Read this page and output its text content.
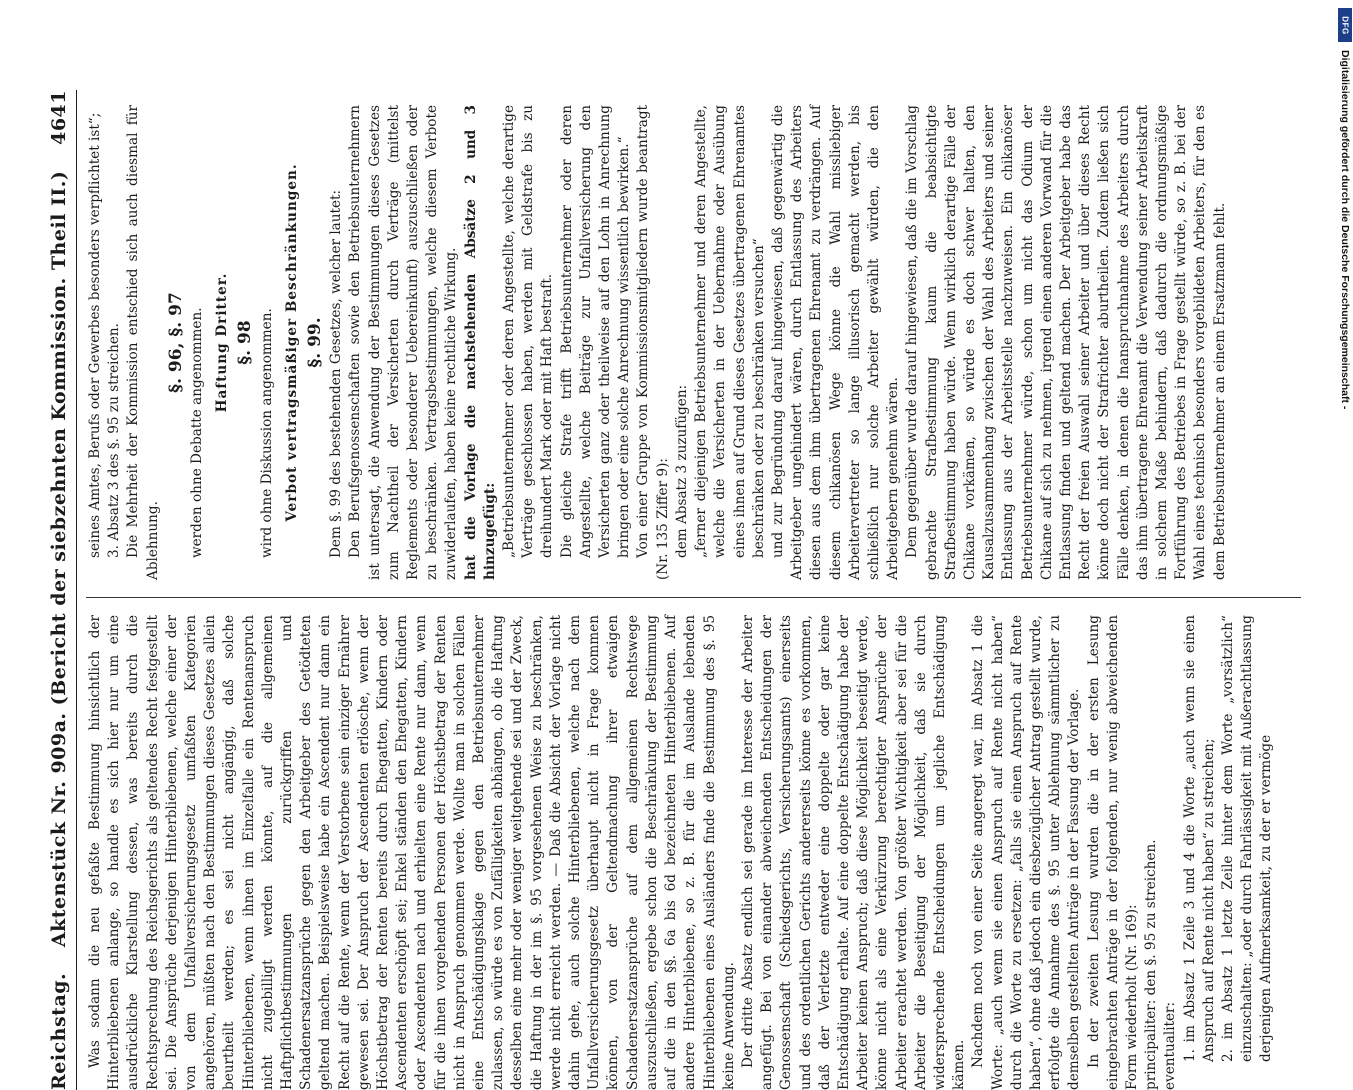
Reichstag.
Aktenstück Nr. 909a. (Bericht der siebzehnten Kommission. Theil II.)
4641

Was sodann die neu gefaßte Bestimmung hinsichtlich der Hinterbliebenen anlange, so handle es sich hier nur um eine ausdrückliche Klarstellung dessen, was bereits durch die Rechtsprechung des Reichsgerichts als geltendes Recht festgestellt sei. Die Ansprüche derjenigen Hinterbliebenen, welche einer der von dem Unfallversicherungsgesetz umfaßten Kategorien angehören, müßten nach den Bestimmungen dieses Gesetzes allein beurtheilt werden; es sei nicht angängig, daß solche Hinterbliebenen, wenn ihnen im Einzelfalle ein Rentenanspruch nicht zugebilligt werden könnte, auf die allgemeinen Haftpflichtbestimmungen zurückgriffen und Schadenersatzansprüche gegen den Arbeitgeber des Getödteten geltend machen. Beispielsweise habe ein Ascendent nur dann ein Recht auf die Rente, wenn der Verstorbene sein einziger Ernährer gewesen sei. Der Anspruch der Ascendenten erlösche, wenn der Höchstbetrag der Renten bereits durch Ehegatten, Kindern oder Ascendenten erschöpft sei; Enkel ständen den Ehegatten, Kindern oder Ascendenten nach und erhielten eine Rente nur dann, wenn für die ihnen vorgehenden Personen der Höchstbetrag der Renten nicht in Anspruch genommen werde. Wollte man in solchen Fällen eine Entschädigungsklage gegen den Betriebsunternehmer zulassen, so würde es von Zufälligkeiten abhängen, ob die Haftung desselben eine mehr oder weniger weitgehende sei und der Zweck, die Haftung in der im §. 95 vorgesehenen Weise zu beschränken, werde nicht erreicht werden. — Daß die Absicht der Vorlage nicht dahin gehe, auch solche Hinterbliebenen, welche nach dem Unfallversicherungsgesetz überhaupt nicht in Frage kommen können, von der Geltendmachung ihrer etwaigen Schadenersatzansprüche auf dem allgemeinen Rechtswege auszuschließen, ergebe schon die Beschränkung der Bestimmung auf die in den §§. 6a bis 6d bezeichneten Hinterbliebenen. Auf andere Hinterbliebene, so z. B. für die im Auslande lebenden Hinterbliebenen eines Ausländers finde die Bestimmung des §. 95 keine Anwendung. Der dritte Absatz endlich sei gerade im Interesse der Arbeiter angefügt. Bei von einander abweichenden Entscheidungen der Genossenschaft (Schiedsgerichts, Versicherungsamts) einerseits und des ordentlichen Gerichts andererseits könne es vorkommen, daß der Verletzte entweder eine doppelte oder gar keine Entschädigung erhalte. Auf eine doppelte Entschädigung habe der Arbeiter keinen Anspruch; daß diese Möglichkeit beseitigt werde, könne nicht als eine Verkürzung berechtigter Ansprüche der Arbeiter erachtet werden. Von größter Wichtigkeit aber sei für die Arbeiter die Beseitigung der Möglichkeit, daß sie durch widersprechende Entscheidungen um jegliche Entschädigung kämen. Nachdem noch von einer Seite angeregt war, im Absatz 1 die Worte: „auch wenn sie einen Anspruch auf Rente nicht haben“ durch die Worte zu ersetzen: „falls sie einen Anspruch auf Rente haben“, ohne daß jedoch ein diesbezüglicher Antrag gestellt wurde, erfolgte die Annahme des §. 95 unter Ablehnung sämmtlicher zu demselben gestellten Anträge in der Fassung der Vorlage. In der zweiten Lesung wurden die in der ersten Lesung eingebrachten Anträge in der folgenden, nur wenig abweichenden Form wiederholt (Nr. 169): principaliter: den §. 95 zu streichen. eventualiter: 1. im Absatz 1 Zeile 3 und 4 die Worte „auch wenn sie einen Anspruch auf Rente nicht haben“ zu streichen; 2. im Absatz 1 letzte Zeile hinter dem Worte „vorsätzlich“ einzuschalten: „oder durch Fahrlässigkeit mit Außerachtlassung derjenigen Aufmerksamkeit, zu der er vermöge

seines Amtes, Berufs oder Gewerbes besonders verpflichtet ist“; 3. Absatz 3 des §. 95 zu streichen. Die Mehrheit der Kommission entschied sich auch diesmal für Ablehnung.

§. 96, §. 97 werden ohne Debatte angenommen. Haftung Dritter. §. 98 wird ohne Diskussion angenommen. Verbot vertragsmäßiger Beschränkungen. §. 99. Dem §. 99 des bestehenden Gesetzes, welcher lautet: Den Berufsgenossenschaften sowie den Betriebsunternehmern ist untersagt, die Anwendung der Bestimmungen dieses Gesetzes zum Nachtheil der Versicherten durch Verträge (mittelst Reglements oder besonderer Uebereinkunft) auszuschließen oder zu beschränken. Vertragsbestimmungen, welche diesem Verbote zuwiderlaufen, haben keine rechtliche Wirkung. hat die Vorlage die nachstehenden Absätze 2 und 3 hinzugefügt: „Betriebsunternehmer oder deren Angestellte, welche derartige Verträge geschlossen haben, werden mit Geldstrafe bis zu dreihundert Mark oder mit Haft bestraft. Die gleiche Strafe trifft Betriebsunternehmer oder deren Angestellte, welche Beiträge zur Unfallversicherung den Versicherten ganz oder theilweise auf den Lohn in Anrechnung bringen oder eine solche Anrechnung wissentlich bewirken.“ Von einer Gruppe von Kommissionsmitgliedern wurde beantragt (Nr. 135 Ziffer 9): dem Absatz 3 zuzufügen: „ferner diejenigen Betriebsunternehmer und deren Angestellte, welche die Versicherten in der Uebernahme oder Ausübung eines ihnen auf Grund dieses Gesetzes übertragenen Ehrenamtes beschränken oder zu beschränken versuchen“ und zur Begründung darauf hingewiesen, daß gegenwärtig die Arbeitgeber ungehindert wären, durch Entlassung des Arbeiters diesen aus dem ihm übertragenen Ehrenamt zu verdrängen. Auf diesem chikanösen Wege könne die Wahl missliebiger Arbeitervertreter so lange illusorisch gemacht werden, bis schließlich nur solche Arbeiter gewählt würden, die den Arbeitgebern genehm wären. Dem gegenüber wurde darauf hingewiesen, daß die im Vorschlag gebrachte Strafbestimmung kaum die beabsichtigte Strafbestimmung haben würde. Wenn wirklich derartige Fälle der Chikane vorkämen, so würde es doch schwer halten, den Kausalzusammenhang zwischen der Wahl des Arbeiters und seiner Entlassung aus der Arbeitsstelle nachzuweisen. Ein chikanöser Betriebsunternehmer würde, schon um nicht das Odium der Chikane auf sich zu nehmen, irgend einen anderen Vorwand für die Entlassung finden und geltend machen. Der Arbeitgeber habe das Recht der freien Auswahl seiner Arbeiter und über dieses Recht könne doch nicht der Strafrichter aburtheilen. Zudem ließen sich Fälle denken, in denen die Inanspruchnahme des Arbeiters durch das ihm übertragene Ehrenamt die Verwendung seiner Arbeitskraft in solchem Maße behindern, daß dadurch die ordnungsmäßige Fortführung des Betriebes in Frage gestellt würde, so z. B. bei der Wahl eines technisch besonders vorgebildeten Arbeiters, für den es dem Betriebsunternehmer an einem Ersatzmann fehlt.

DFG
Digitalisierung gefördert durch die Deutsche Forschungsgemeinschaft -
